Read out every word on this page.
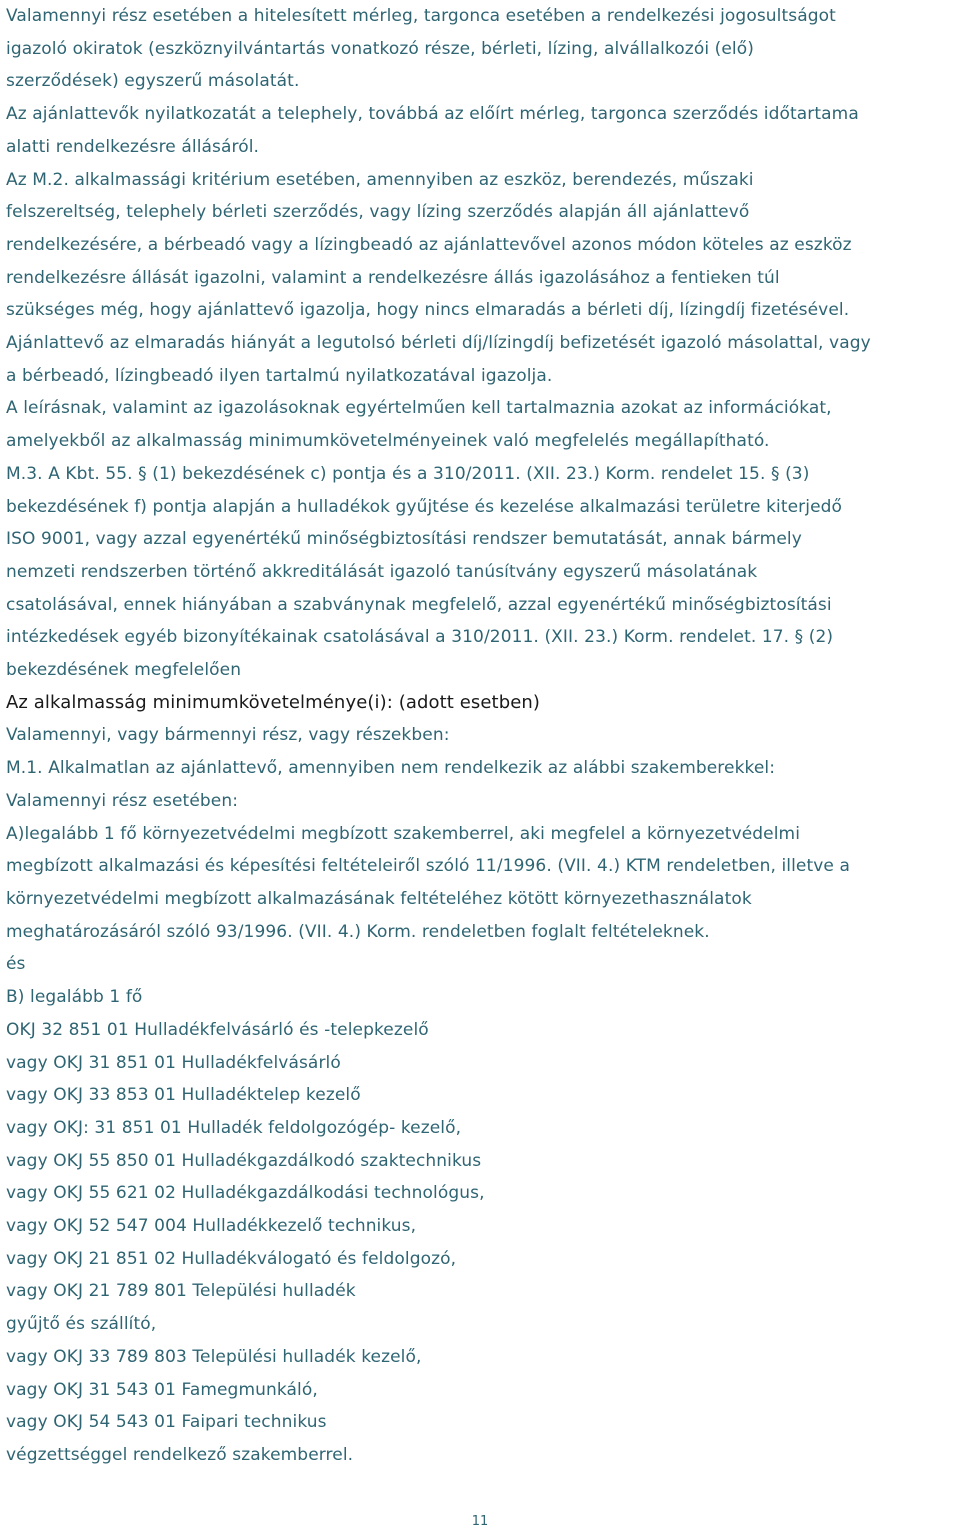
Valamennyi rész esetében a hitelesített mérleg, targonca esetében a rendelkezési jogosultságot
igazoló okiratok (eszköznyilvántartás vonatkozó része, bérleti, lízing, alvállalkozói (elő)
szerződések) egyszerű másolatát.
Az ajánlattevők nyilatkozatát a telephely, továbbá az előírt mérleg, targonca szerződés időtartama
alatti rendelkezésre állásáról.
Az M.2. alkalmassági kritérium esetében, amennyiben az eszköz, berendezés, műszaki
felszereltség, telephely bérleti szerződés, vagy lízing szerződés alapján áll ajánlattevő
rendelkezésére, a bérbeadó vagy a lízingbeadó az ajánlattevővel azonos módon köteles az eszköz
rendelkezésre állását igazolni, valamint a rendelkezésre állás igazolásához a fentieken túl
szükséges még, hogy ajánlattevő igazolja, hogy nincs elmaradás a bérleti díj, lízingdíj fizetésével.
Ajánlattevő az elmaradás hiányát a legutolsó bérleti díj/lízingdíj befizetését igazoló másolattal, vagy
a bérbeadó, lízingbeadó ilyen tartalmú nyilatkozatával igazolja.
A leírásnak, valamint az igazolásoknak egyértelműen kell tartalmaznia azokat az információkat,
amelyekből az alkalmasság minimumkövetelményeinek való megfelelés megállapítható.
M.3. A Kbt. 55. § (1) bekezdésének c) pontja és a 310/2011. (XII. 23.) Korm. rendelet 15. § (3)
bekezdésének f) pontja alapján a hulladékok gyűjtése és kezelése alkalmazási területre kiterjedő
ISO 9001, vagy azzal egyenértékű minőségbiztosítási rendszer bemutatását, annak bármely
nemzeti rendszerben történő akkreditálását igazoló tanúsítvány egyszerű másolatának
csatolásával, ennek hiányában a szabványnak megfelelő, azzal egyenértékű minőségbiztosítási
intézkedések egyéb bizonyítékainak csatolásával a 310/2011. (XII. 23.) Korm. rendelet. 17. § (2)
bekezdésének megfelelően
Az alkalmasság minimumkövetelménye(i): (adott esetben)
Valamennyi, vagy bármennyi rész, vagy részekben:
M.1. Alkalmatlan az ajánlattevő, amennyiben nem rendelkezik az alábbi szakemberekkel:
Valamennyi rész esetében:
A)legalább 1 fő környezetvédelmi megbízott szakemberrel, aki megfelel a környezetvédelmi
megbízott alkalmazási és képesítési feltételeiről szóló 11/1996. (VII. 4.) KTM rendeletben, illetve a
környezetvédelmi megbízott alkalmazásának feltételéhez kötött környezethasználatok
meghatározásáról szóló 93/1996. (VII. 4.) Korm. rendeletben foglalt feltételeknek.
és
B) legalább 1 fő
OKJ 32 851 01 Hulladékfelvásárló és -telepkezelő
vagy OKJ 31 851 01 Hulladékfelvásárló
vagy OKJ 33 853 01 Hulladéktelep kezelő
vagy OKJ: 31 851 01 Hulladék feldolgozógép- kezelő,
vagy OKJ 55 850 01 Hulladékgazdálkodó szaktechnikus
vagy OKJ 55 621 02 Hulladékgazdálkodási technológus,
vagy OKJ 52 547 004 Hulladékkezelő technikus,
vagy OKJ 21 851 02 Hulladékválogató és feldolgozó,
vagy OKJ 21 789 801 Települési hulladék
gyűjtő és szállító,
vagy OKJ 33 789 803 Települési hulladék kezelő,
vagy OKJ 31 543 01 Famegmunkáló,
vagy OKJ 54 543 01 Faipari technikus
végzettséggel rendelkező szakemberrel.
11
